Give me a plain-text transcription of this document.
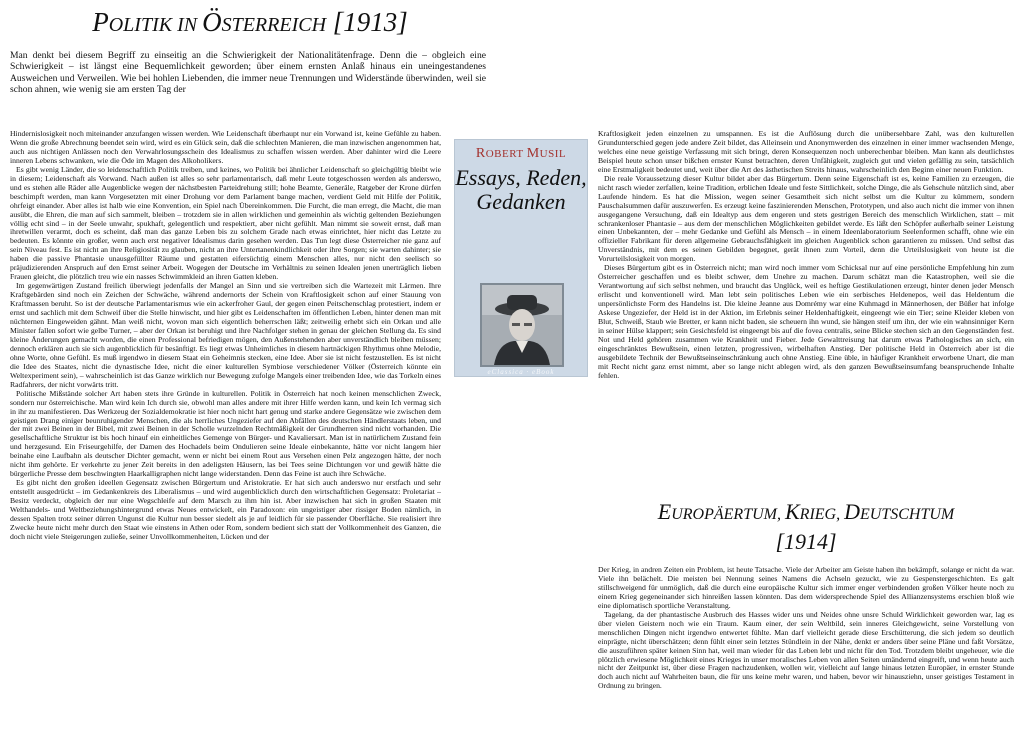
POLITIK IN ÖSTERREICH [1913]
Man denkt bei diesem Begriff zu einseitig an die Schwierigkeit der Nationalitätenfrage. Denn die – obgleich eine Schwierigkeit – ist längst eine Bequemlichkeit geworden; über einem ernsten Anlaß hinaus ein uneingestandenes Ausweichen und Verweilen. Wie bei hohlen Liebenden, die immer neue Trennungen und Widerstände überwinden, weil sie schon ahnen, wie wenig sie am ersten Tag der

Hindernislosigkeit noch miteinander anzufangen wissen werden. Wie Leidenschaft überhaupt nur ein Vorwand ist, keine Gefühle zu haben. Wenn die große Abrechnung beendet sein wird, wird es ein Glück sein, daß die schlechten Manieren, die man inzwischen angenommen hat, auch aus nichtigen Anlässen noch den Verwahrlosungsschein des Idealismus zu schaffen wissen werden. Aber dahinter wird die Leere inneren Lebens schwanken, wie die Öde im Magen des Alkoholikers.

Es gibt wenig Länder, die so leidenschaftlich Politik treiben, und keines, wo Politik bei ähnlicher Leidenschaft so gleichgültig bleibt wie in diesem; Leidenschaft als Vorwand. Nach außen ist alles so sehr parlamentarisch, daß mehr Leute totgeschossen werden als anderswo, und es stehen alle Räder alle Augenblicke wegen der nächstbesten Parteidrehung still; hohe Beamte, Generäle, Ratgeber der Krone dürfen beschimpft werden, man kann Vorgesetzten mit einer Drohung vor dem Parlament bange machen, verdient Geld mit Hilfe der Politik, ohrfeigt einander. Aber alles ist halb wie eine Konvention, ein Spiel nach Übereinkommen. Die Furcht, die man erregt, die Macht, die man ausübt, die Ehren, die man auf sich sammelt, bleiben – trotzdem sie in allen wirklichen und gemeinhin als wichtig geltenden Beziehungen völlig echt sind – in der Seele unwahr, spukhaft, gelegentlich und respektiert, aber nicht gefühlt. Man nimmt sie soweit ernst, daß man ihretwillen verarmt, doch es scheint, daß man das ganze Leben bis zu solchem Grade nach etwas einrichtet, hier nicht das Letzte zu bedeuten. Es könnte ein großer, wenn auch erst negativer Idealismus darin gesehen werden. Das Tun legt diese Österreicher nie ganz auf sein Niveau fest. Es ist nicht an ihre Religiosität zu glauben, nicht an ihre Untertanenkindlichkeit oder ihre Sorgen; sie warten dahinter; sie haben die passive Phantasie unausgefüllter Räume und gestatten eifersüchtig einem Menschen alles, nur nicht den seelisch so präjudizierenden Anspruch auf den Ernst seiner Arbeit. Wogegen der Deutsche im Verhältnis zu seinen Idealen jenen unerträglich lieben Frauen gleicht, die plötzlich treu wie ein nasses Schwimmkleid an ihren Gatten kleben.

Im gegenwärtigen Zustand freilich überwiegt jedenfalls der Mangel an Sinn und sie vertreiben sich die Wartezeit mit Lärmen. Ihre Kraftgebärden sind noch ein Zeichen der Schwäche, während andernorts der Schein von Kraftlosigkeit schon auf einer Stauung von Kraftmassen beruht. So ist der deutsche Parlamentarismus wie ein ackerfroher Gaul, der gegen einen Peitschenschlag protestiert, indem er ernst und sachlich mit dem Schweif über die Stelle hinwischt, und hier gibt es Leidenschaften im öffentlichen Leben, hinter denen man mit nüchternen Eingeweiden gähnt. Man weiß nicht, wovon man sich eigentlich beherrschen läßt; zeitweilig erhebt sich ein Orkan und alle Minister fallen sofort wie gelbe Turner, – aber der Orkan ist beruhigt und ihre Nachfolger stehen in genau der gleichen Stellung da. Es sind kleine Änderungen gemacht worden, die einen Professional befriedigen mögen, den Außenstehenden aber unverständlich bleiben müssen; dennoch erklären auch sie sich augenblicklich für besänftigt. Es liegt etwas Unheimliches in diesem hartnäckigen Rhythmus ohne Melodie, ohne Worte, ohne Gefühl. Es muß irgendwo in diesem Staat ein Geheimnis stecken, eine Idee. Aber sie ist nicht festzustellen. Es ist nicht die Idee des Staates, nicht die dynastische Idee, nicht die einer kulturellen Symbiose verschiedener Völker (Österreich könnte ein Weltexperiment sein), – wahrscheinlich ist das Ganze wirklich nur Bewegung zufolge Mangels einer treibenden Idee, wie das Torkeln eines Radfahrers, der nicht vorwärts tritt.

Politische Mißstände solcher Art haben stets ihre Gründe in kulturellen. Politik in Österreich hat noch keinen menschlichen Zweck, sondern nur österreichische. Man wird kein Ich durch sie, obwohl man alles andere mit ihrer Hilfe werden kann, und kein Ich vermag sich in ihr zu manifestieren. Das Werkzeug der Sozialdemokratie ist hier noch nicht hart genug und starke andere Gegensätze wie zwischen dem geistigen Drang einiger beunruhigender Menschen, die als herrliches Ungeziefer auf den Abfällen des deutschen Händlerstaats leben, und der mit zwei Beinen in der Bibel, mit zwei Beinen in der Scholle wurzelnden Rechtmäßigkeit der Grundherren sind nicht vorhanden. Die gesellschaftliche Struktur ist bis hoch hinauf ein einheitliches Gemenge von Bürger- und Kavaliersart. Man ist in natürlichem Zustand fein und herzgesund. Ein Friseurgehilfe, der Damen des Hochadels beim Ondulieren seine Ideale einbekannte, hätte vor nicht langem hier beinahe eine Laufbahn als deutscher Dichter gemacht, wenn er nicht bei einem Rout aus Versehen einen Pelz angezogen hätte, der noch nicht ihm gehörte. Er verkehrte zu jener Zeit bereits in den adeligsten Häusern, las bei Tees seine Dichtungen vor und gewiß hätte die bürgerliche Presse dem beschwingten Haarkalligraphen nicht lange widerstanden. Denn das Feine ist auch ihre Schwäche.

Es gibt nicht den großen ideellen Gegensatz zwischen Bürgertum und Aristokratie. Er hat sich auch anderswo nur erstfach und sehr entstellt ausgedrückt – im Gedankenkreis des Liberalismus – und wird augenblicklich durch den wirtschaftlichen Gegensatz: Proletariat – Besitz verdeckt, obgleich der nur eine Wegschleife auf dem Marsch zu ihm hin ist. Aber inzwischen hat sich in großen Staaten mit Welthandels- und Weltbeziehungshintergrund etwas Neues entwickelt, ein Paradoxon: ein ungeistiger aber rissiger Boden nämlich, in dessen Spalten trotz seiner dürren Ungunst die Kultur nun besser siedelt als je auf leidlich für sie passender Oberfläche. Sie realisiert ihre Zwecke heute nicht mehr durch den Staat wie einstens in Athen oder Rom, sondern bedient sich statt der Vollkommenheit des Ganzen, die doch nicht viele Steigerungen zuließe, seiner Unvollkommenheiten, Lücken und der

ROBERT MUSIL
Essays, Reden,
Gedanken
eClassica · eBook

Kraftlosigkeit jeden einzelnen zu umspannen. Es ist die Auflösung durch die unübersehbare Zahl, was den kulturellen Grundunterschied gegen jede andere Zeit bildet, das Alleinsein und Anonymwerden des einzelnen in einer immer wachsenden Menge, welches eine neue geistige Verfassung mit sich bringt, deren Konsequenzen noch unberechenbar bleiben. Man kann als deutlichstes Beispiel heute schon unser bißchen ernster Kunst betrachten, deren Unfähigkeit, zugleich gut und vielen gefällig zu sein, tatsächlich eine Erstmaligkeit bedeutet und, weit über die Art des ästhetischen Streits hinaus, wahrscheinlich den Beginn einer neuen Funktion.

Die reale Voraussetzung dieser Kultur bildet aber das Bürgertum. Denn seine Eigenschaft ist es, keine Familien zu erzeugen, die nicht rasch wieder zerfallen, keine Tradition, erblichen Ideale und feste Sittlichkeit, solche Dinge, die als Gehschule nützlich sind, aber Laufende hindern. Es hat die Mission, wegen seiner Gesamtheit sich nicht selbst um die Kultur zu kümmern, sondern Pauschalsummen dafür auszuwerfen. Es erzeugt keine faszinierenden Menschen, Prototypen, und also auch nicht die immer von ihnen ausgegangene Versuchung, daß ein Idealtyp aus dem engeren und stets gestrigen Bereich des menschlich Wirklichen, statt – mit schrankenloser Phantasie – aus dem der menschlichen Möglichkeiten gebildet werde. Es läßt den Schöpfer außerhalb seiner Leistung einen Unbekannten, der – mehr Gedanke und Gefühl als Mensch – in einem Ideenlaboratorium Seelenformen schafft, ohne wie ein offizieller Fabrikant für deren allgemeine Gebrauchsfähigkeit im gleichen Augenblick schon garantieren zu müssen. Und selbst das Unverständnis, mit dem es seinen Gebilden begegnet, gerät ihnen zum Vorteil, denn die Urteilslosigkeit von heute ist die Vorurteilslosigkeit von morgen.

Dieses Bürgertum gibt es in Österreich nicht; man wird noch immer vom Schicksal nur auf eine persönliche Empfehlung hin zum Österreicher geschaffen und es bleibt schwer, dem Unehre zu machen. Darum schätzt man die Katastrophen, weil sie die Verantwortung auf sich selbst nehmen, und braucht das Unglück, weil es heftige Gestikulationen erzeugt, hinter denen jeder Mensch erlischt und konventionell wird. Man lebt sein politisches Leben wie ein serbisches Heldenepos, weil das Heldentum die unpersönlichste Form des Handelns ist. Die kleine Jeanne aus Domrémy war eine Kuhmagd in Männerhosen, der Büßer hat infolge Askese Ungeziefer, der Held ist in der Aktion, im Erlebnis seiner Heldenhaftigkeit, eingeengt wie ein Tier; seine Kleider kleben von Blut, Schweiß, Staub wie Bretter, er kann nicht baden, sie scheuern ihn wund, sie hängen steif um ihn, der wie ein wahnsinniger Kern in seiner Hülse klappert; sein Gesichtsfeld ist eingeengt bis auf die fovea centralis, seine Blicke stechen sich an den Gegenständen fest. Not und Held gehören zusammen wie Krankheit und Fieber. Jede Gewalttreisung hat darum etwas Pathologisches an sich, ein eingeschränktes Bewußtsein, einen letzten, progressiven, wirbelhaften Anstieg. Der politische Held in Österreich aber ist die ausgebildete Technik der Bewußtseinseinschränkung auch ohne Anstieg. Eine üble, in häufiger Krankheit erworbene Unart, die man mit Recht nicht ganz ernst nimmt, aber so lange nicht ablegen wird, als den ganzen Bewußtseinsumfang beanspruchende Inhalte fehlen.

EUROPÄERTUM, KRIEG, DEUTSCHTUM
[1914]

Der Krieg, in andren Zeiten ein Problem, ist heute Tatsache. Viele der Arbeiter am Geiste haben ihn bekämpft, solange er nicht da war. Viele ihn belächelt. Die meisten bei Nennung seines Namens die Achseln gezuckt, wie zu Gespenstergeschichten. Es galt stillschweigend für unmöglich, daß die durch eine europäische Kultur sich immer enger verbindenden großen Völker heute noch zu einem Krieg gegeneinander sich hinreißen lassen könnten. Das dem widersprechende Spiel des Allianzensystems erschien bloß wie eine diplomatisch sportliche Veranstaltung.

Tagelang, da der phantastische Ausbruch des Hasses wider uns und Neides ohne unsre Schuld Wirklichkeit geworden war, lag es über vielen Geistern noch wie ein Traum. Kaum einer, der sein Weltbild, sein inneres Gleichgewicht, seine Vorstellung von menschlichen Dingen nicht irgendwo entwertet fühlte. Man darf vielleicht gerade diese Erschütterung, die sich jedem so deutlich einprägte, nicht überschätzen; denn fühlt einer sein letztes Stündlein in der Nähe, denkt er anders über seine Pläne und faßt Vorsätze, die auszuführen später keinen Sinn hat, weil man wieder für das Leben lebt und nicht für den Tod. Trotzdem bleibt ungeheuer, wie die plötzlich erwiesene Möglichkeit eines Krieges in unser moralisches Leben von allen Seiten umändernd eingreift, und wenn heute auch nicht der Zeitpunkt ist, über diese Fragen nachzudenken, wollen wir, vielleicht auf lange hinaus letzten Europäer, in ernster Stunde doch auch nicht auf Wahrheiten baun, die für uns keine mehr waren, und haben, bevor wir hinausziehn, unser geistiges Testament in Ordnung zu bringen.
